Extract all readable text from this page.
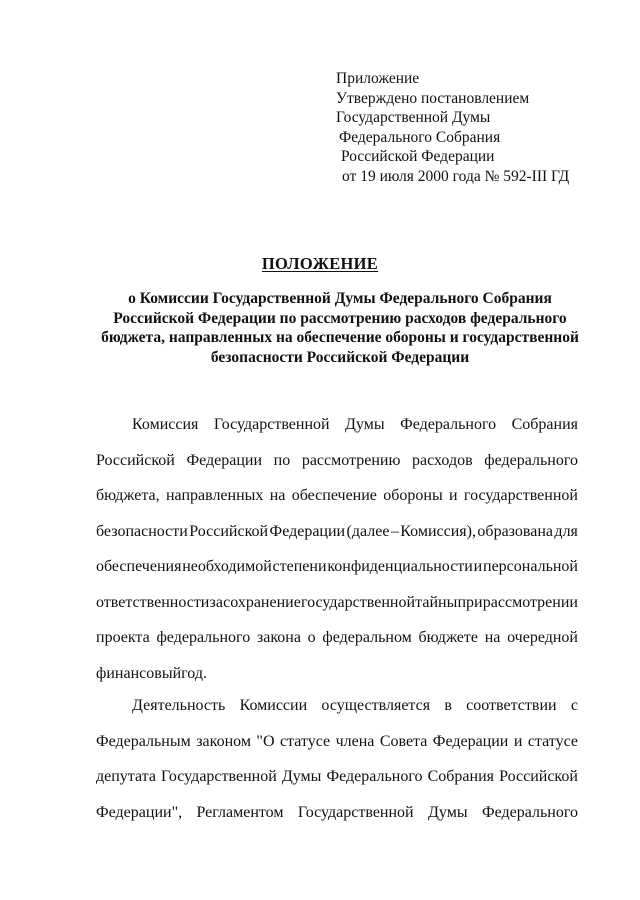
Приложение
Утверждено постановлением
Государственной Думы
Федерального Собрания
Российской Федерации
от 19 июля 2000 года № 592-III ГД
ПОЛОЖЕНИЕ
о Комиссии Государственной Думы Федерального Собрания
Российской Федерации по рассмотрению расходов федерального
бюджета, направленных на обеспечение обороны и государственной
безопасности Российской Федерации
Комиссия Государственной Думы Федерального Собрания
Российской Федерации по рассмотрению расходов федерального
бюджета, направленных на обеспечение обороны и государственной
безопасности Российской Федерации (далее – Комиссия), образована для
обеспечения необходимой степени конфиденциальности и персональной
ответственности за сохранение государственной тайны при рассмотрении
проекта федерального закона о федеральном бюджете на очередной
финансовый год.
Деятельность Комиссии осуществляется в соответствии с
Федеральным законом "О статусе члена Совета Федерации и статусе
депутата Государственной Думы Федерального Собрания Российской
Федерации", Регламентом Государственной Думы Федерального
